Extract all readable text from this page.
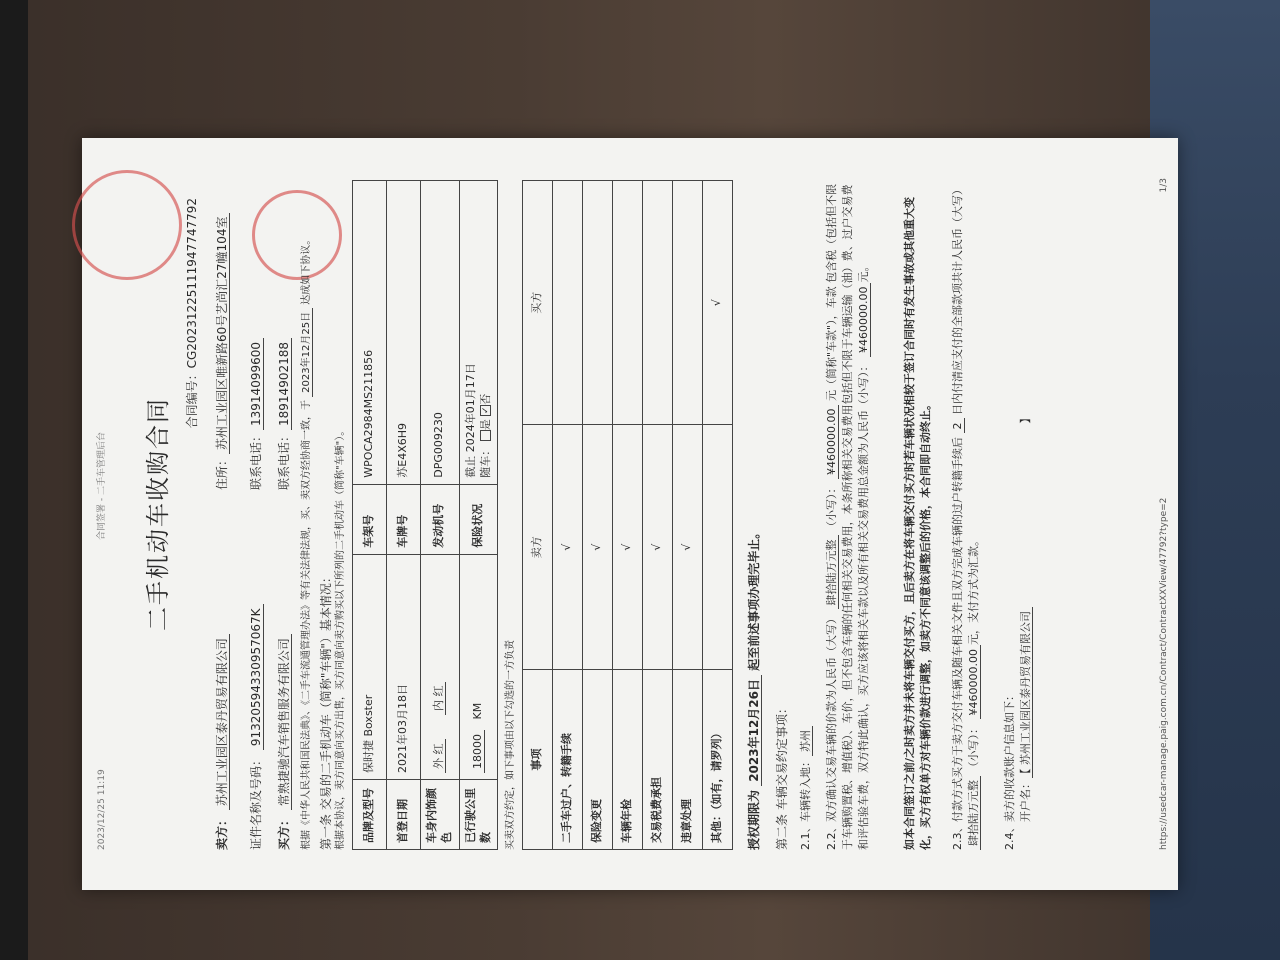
2023/12/25 11:19
合同签署 - 二手车管理后台 二手机动车收购合同 合同编号：CG20231225111947747792
卖方： 苏州工业园区泰丹贸易有限公司
住所：苏州工业园区唯新路60号艺尚汇27幢104室
证件名称及号码： 91320594330957067K
联系电话：13914099600
买方： 常熟捷驰汽车销售服务有限公司
联系电话：18914902188
根据《中华人民共和国民法典》、《二手车流通管理办法》等有关法律法规，买、卖双方经协商一致，于 2023年12月25日 达成如下协议。
第一条 交易的二手机动车（简称"车辆"）基本情况： 根据本协议，卖方同意向买方出售，买方同意向卖方购买以下所列的二手机动车（简称"车辆"）。 品牌及型号	保时捷 Boxster	车架号	WPOCA2984MS211856
首登日期	2021年03月18日	车牌号	苏E4X6H9
车身内饰颜色	外 红       内 红	发动机号	DPG009230
已行驶公里数	18000   KM	保险状况	截止 2024年01月17日 随车： 是 ✓否
买卖双方约定，如下事项由以下勾选的一方负责 事项	卖方	买方
二手车过户、转籍手续	√	
保险变更	√	
车辆年检	√	
交易税费承担	√	
违章处理	√	
其他：（如有，请罗列）		√
授权期限为 2023年12月26日 起至前述事项办理完毕止。
第二条 车辆交易约定事项： 2.1、车辆转入地：苏州
2.2、双方确认交易车辆的价款为人民币（大写） 肆拾陆万元整 （小写）： ¥460000.00 元（简称"车款"），车款 包含税（包括但不限于车辆购置税、增值税）、车价，但不包含车辆的任何相关交易费用，本条所称相关交易费用包括但不限于车辆运输（油）费、过户交易费和评估验车费，双方特此确认，买方应该将相关车款以及所有相关交易费用总金额为人民币（小写）： ¥460000.00元。	如本合同签订之前/之时卖方并未将车辆交付买方，且后卖方在将车辆交付买方时若车辆状况相较于签订合同时有发生事故或其他重大变化，买方有权单方对车辆价款进行调整，如卖方不同意该调整后的价格，本合同即自动终止。 2.3、付款方式买方于卖方交付车辆及随车相关文件且双方完成车辆的过户转籍手续后 2 日内付清应支付的全部款项共计人民币（大写） 肆拾陆万元整 （小写）： ¥460000.00元，支付方式为汇款。
2.4、卖方的收款账户信息如下： 开户名：【 苏州工业园区泰丹贸易有限公司 】
https://usedcar-manage.paig.com.cn/Contract/ContractXXView/47792?type=2
1/3
